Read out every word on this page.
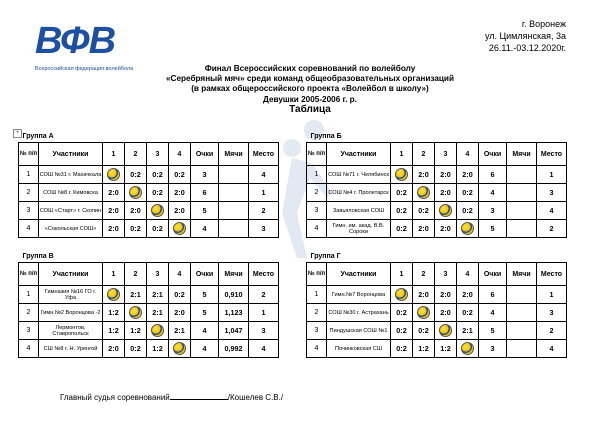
ВФВ
Всероссийская федерация волейбола
г. Воронеж
ул. Цимлянская, 3а
26.11.-03.12.2020г.
Финал Всероссийских соревнований по волейболу
«Серебряный мяч» среди команд общеобразовательных организаций
(в рамках общероссийского проекта «Волейбол в школу»)
Девушки 2005-2006 г. р.
Таблица
+ Группа А								
№ п/п	Участники	1	2	3	4	Очки	Мячи	Место
1	СОШ №31 г. Махачкала		0:2	0:2	0:2	3		4
2	СОШ №8 г. Кимовска	2:0		0:2	2:0	6		1
3	СОШ «Старт» г. Скопин	2:0	2:0		2:0	5		2
4	«Сокольская СОШ»	2:0	0:2	0:2		4		3
Группа Б								
№ п/п	Участники	1	2	3	4	Очки	Мячи	Место
1	СОШ №71 г. Челябинск		2:0	2:0	2:0	6		1
2	СОШ №4 г. Пролетарск	0:2		2:0	0:2	4		3
3	Завьяловская СОШ	0:2	0:2		0:2	3		4
4	Гимн. им. акад. В.В. Сороки	0:2	2:0	2:0		5		2
Группа В								
№ п/п	Участники	1	2	3	4	Очки	Мячи	Место
1	Гимназия №16 ГО г. Уфа		2:1	2:1	0:2	5	0,910	2
2	Гимн.№2 Воронцова -2	1:2		2:1	2:0	5	1,123	1
3	Лермонтов, Ставропольск	1:2	1:2		2:1	4	1,047	3
4	СШ №8 г. Н. Уренгой	2:0	0:2	1:2		4	0,992	4
Группа Г								
№ п/п	Участники	1	2	3	4	Очки	Мячи	Место
1	Гимн.№7 Воронцова		2:0	2:0	2:0	6		1
2	СОШ №30 г. Астрахань	0:2		2:0	0:2	4		3
3	Пиндушская СОШ №1	0:2	0:2		2:1	5		2
4	Починковская СШ	0:2	1:2	1:2		3		4
Главный судья соревнований	/Кошелев С.В./
